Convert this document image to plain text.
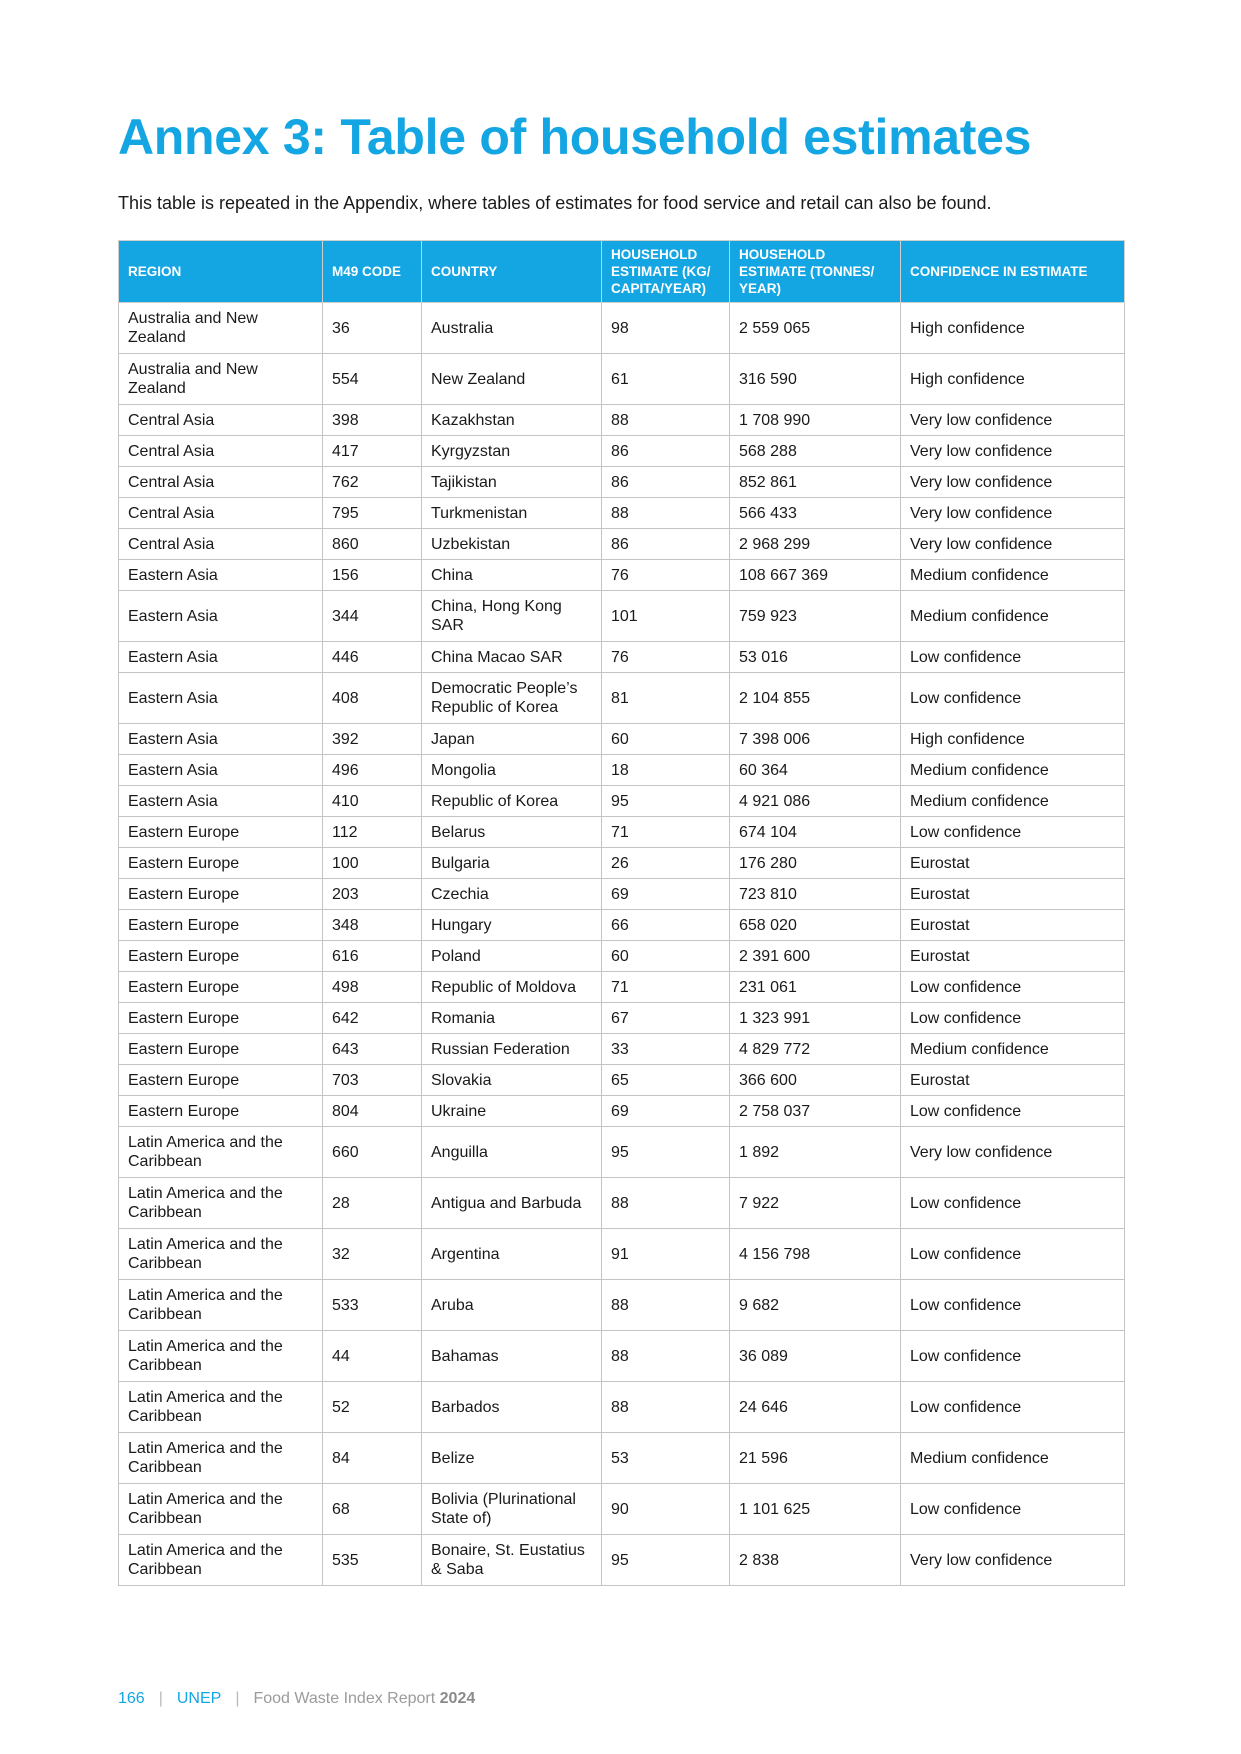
Annex 3: Table of household estimates
This table is repeated in the Appendix, where tables of estimates for food service and retail can also be found.
REGION	M49 CODE	COUNTRY	HOUSEHOLD ESTIMATE (KG/ CAPITA/YEAR)	HOUSEHOLD ESTIMATE (TONNES/ YEAR)	CONFIDENCE IN ESTIMATE
Australia and New Zealand	36	Australia	98	2 559 065	High confidence
Australia and New Zealand	554	New Zealand	61	316 590	High confidence
Central Asia	398	Kazakhstan	88	1 708 990	Very low confidence
Central Asia	417	Kyrgyzstan	86	568 288	Very low confidence
Central Asia	762	Tajikistan	86	852 861	Very low confidence
Central Asia	795	Turkmenistan	88	566 433	Very low confidence
Central Asia	860	Uzbekistan	86	2 968 299	Very low confidence
Eastern Asia	156	China	76	108 667 369	Medium confidence
Eastern Asia	344	China, Hong Kong SAR	101	759 923	Medium confidence
Eastern Asia	446	China Macao SAR	76	53 016	Low confidence
Eastern Asia	408	Democratic People’s Republic of Korea	81	2 104 855	Low confidence
Eastern Asia	392	Japan	60	7 398 006	High confidence
Eastern Asia	496	Mongolia	18	60 364	Medium confidence
Eastern Asia	410	Republic of Korea	95	4 921 086	Medium confidence
Eastern Europe	112	Belarus	71	674 104	Low confidence
Eastern Europe	100	Bulgaria	26	176 280	Eurostat
Eastern Europe	203	Czechia	69	723 810	Eurostat
Eastern Europe	348	Hungary	66	658 020	Eurostat
Eastern Europe	616	Poland	60	2 391 600	Eurostat
Eastern Europe	498	Republic of Moldova	71	231 061	Low confidence
Eastern Europe	642	Romania	67	1 323 991	Low confidence
Eastern Europe	643	Russian Federation	33	4 829 772	Medium confidence
Eastern Europe	703	Slovakia	65	366 600	Eurostat
Eastern Europe	804	Ukraine	69	2 758 037	Low confidence
Latin America and the Caribbean	660	Anguilla	95	1 892	Very low confidence
Latin America and the Caribbean	28	Antigua and Barbuda	88	7 922	Low confidence
Latin America and the Caribbean	32	Argentina	91	4 156 798	Low confidence
Latin America and the Caribbean	533	Aruba	88	9 682	Low confidence
Latin America and the Caribbean	44	Bahamas	88	36 089	Low confidence
Latin America and the Caribbean	52	Barbados	88	24 646	Low confidence
Latin America and the Caribbean	84	Belize	53	21 596	Medium confidence
Latin America and the Caribbean	68	Bolivia (Plurinational State of)	90	1 101 625	Low confidence
Latin America and the Caribbean	535	Bonaire, St. Eustatius & Saba	95	2 838	Very low confidence
166 | UNEP | Food Waste Index Report 2024
